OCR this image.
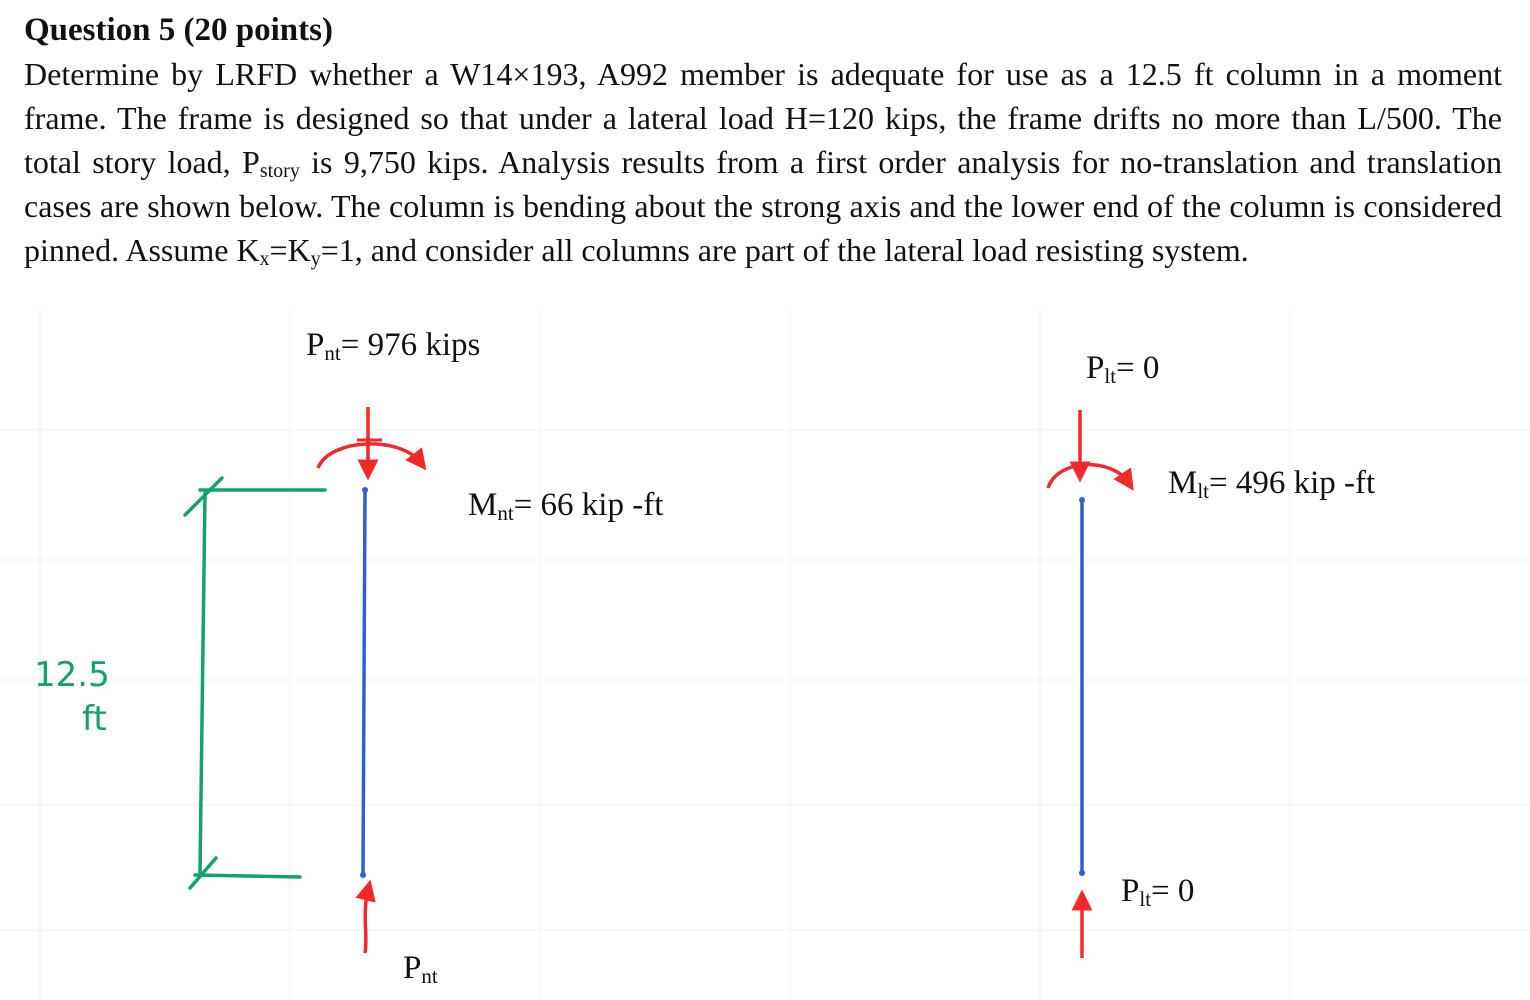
Question 5 (20 points)

Determine by LRFD whether a W14×193, A992 member is adequate for use as a 12.5 ft column in a moment frame. The frame is designed so that under a lateral load H=120 kips, the frame drifts no more than L/500. The total story load, $P_{story}$ is 9,750 kips. Analysis results from a first order analysis for no-translation and translation cases are shown below. The column is bending about the strong axis and the lower end of the column is considered pinned. Assume $K_x=K_y=1$, and consider all columns are part of the lateral load resisting system.

$P_{nt}= 976$ kips
$M_{nt}= 66$ kip -ft
$P_{nt}$
12.5
ft
$P_{lt}= 0$
$M_{lt}= 496$ kip -ft
$P_{lt}= 0$
